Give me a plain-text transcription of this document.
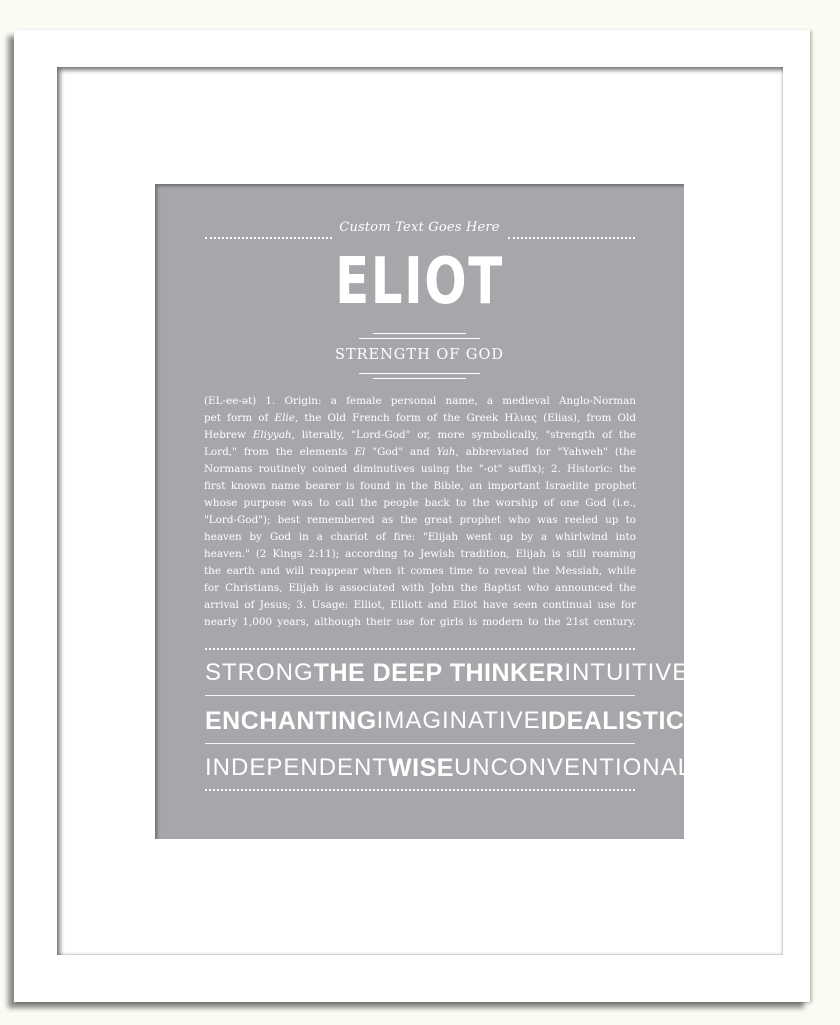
Custom Text Goes Here
ELIOT
STRENGTH OF GOD

(EL-ee-ət) 1. Origin: a female personal name, a medieval Anglo-Norman

pet form of Elie, the Old French form of the Greek Ηλιας (Elias), from Old

Hebrew Eliyyah, literally, "Lord-God" or, more symbolically, "strength of the

Lord," from the elements El "God" and Yah, abbreviated for "Yahweh" (the

Normans routinely coined diminutives using the "-ot" suffix); 2. Historic: the

first known name bearer is found in the Bible, an important Israelite prophet

whose purpose was to call the people back to the worship of one God (i.e.,

"Lord-God"); best remembered as the great prophet who was reeled up to

heaven by God in a chariot of fire: "Elijah went up by a whirlwind into

heaven." (2 Kings 2:11); according to Jewish tradition, Elijah is still roaming

the earth and will reappear when it comes time to reveal the Messiah, while

for Christians, Elijah is associated with John the Baptist who announced the

arrival of Jesus; 3. Usage: Elliot, Elliott and Eliot have seen continual use for

nearly 1,000 years, although their use for girls is modern to the 21st century.

STRONG THE DEEP THINKER INTUITIVE
ENCHANTING IMAGINATIVE IDEALISTIC
INDEPENDENT WISE UNCONVENTIONAL
